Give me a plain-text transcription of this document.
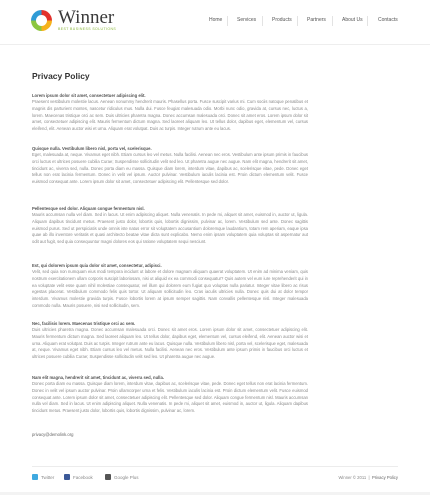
Winner
BEST BUSINESS SOLUTIONS
Home	Services	Products	Partners	About Us	Contacts
Privacy Policy
Lorem ipsum dolor sit amet, consectetuer adipiscing elit.
Praesent vestibulum molestie lacus. Aenean nonummy hendrerit mauris. Phasellus porta. Fusce suscipit varius mi. Cum sociis natoque penatibus et magnis dis parturient montes, nascetur ridiculus mus. Nulla dui. Fusce feugiat malesuada odio. Morbi nunc odio, gravida at, cursus nec, luctus a, lorem. Maecenas tristique orci ac sem. Duis ultricies pharetra magna. Donec accumsan malesuada orci. Donec sit amet eros. Lorem ipsum dolor sit amet, consectetuer adipiscing elit. Mauris fermentum dictum magna. Sed laoreet aliquam leo. Ut tellus dolor, dapibus eget, elementum vel, cursus eleifend, elit. Aenean auctor wisi et urna. Aliquam erat volutpat. Duis ac turpis. Integer rutrum ante eu lacus.
Quisque nulla. Vestibulum libero nisl, porta vel, scelerisque.
Eget, malesuada at, neque. Vivamus eget nibh. Etiam cursus leo vel metus. Nulla facilisi. Aenean nec eros. Vestibulum ante ipsum primis in faucibus orci luctus et ultrices posuere cubilia Curae; Suspendisse sollicitudin velit sed leo. Ut pharetra augue nec augue. Nam elit magna, hendrerit sit amet, tincidunt ac, viverra sed, nulla. Donec porta diam eu massa. Quisque diam lorem, interdum vitae, dapibus ac, scelerisque vitae, pede. Donec eget tellus non erat lacinia fermentum. Donec in velit vel ipsum. Auctor pulvinar. Vestibulum iaculis lacinia est. Proin dictum elementum velit. Fusce euismod consequat ante. Lorem ipsum dolor sit amet, consectetuer adipiscing elit. Pellentesque sed dolor.
Pellentesque sed dolor. Aliquam congue fermentum nisl.
Mauris accumsan nulla vel diam. Sed in lacus. Ut enim adipiscing aliquet. Nulla venenatis. In pede mi, aliquet sit amet, euismod in, auctor ut, ligula. Aliquam dapibus tincidunt metus. Praesent justo dolor, lobortis quis, lobortis dignissim, pulvinar ac, lorem. Vestibulum sed ante. Donec sagittis euismod purus. Sed ut perspiciatis unde omnis iste natus error sit voluptatem accusantium doloremque laudantium, totam rem aperiam, eaque ipsa quae ab illo inventore veritatis et quasi architecto beatae vitae dicta sunt explicabo. Nemo enim ipsam voluptatem quia voluptas sit aspernatur aut odit aut fugit, sed quia consequuntur magni dolores eos qui ratione voluptatem sequi nesciunt.
Est, qui dolorem ipsum quia dolor sit amet, consectetur, adipisci.
Velit, sed quia non numquam eius modi tempora incidunt ut labore et dolore magnam aliquam quaerat voluptatem. Ut enim ad minima veniam, quis nostrum exercitationem ullam corporis suscipit laboriosam, nisi ut aliquid ex ea commodi consequatur? Quis autem vel eum iure reprehenderit qui in ea voluptate velit esse quam nihil molestiae consequatur, vel illum qui dolorem eum fugiat quo voluptas nulla pariatur. Integer vitae libero ac risus egestas placerat. Vestibulum commodo felis quis tortor. Ut aliquam sollicitudin leo. Cras iaculis ultricies nulla. Donec quis dui at dolor tempor interdum. Vivamus molestie gravida turpis. Fusce lobortis lorem at ipsum semper sagittis. Nam convallis pellentesque nisl. Integer malesuada commodo nulla. Mauris posuere, nisi sed sollicitudin, sem.
Nec, facilisis lorem. Maecenas tristique orci ac sem.
Duis ultricies pharetra magna. Donec accumsan malesuada orci. Donec sit amet eros. Lorem ipsum dolor sit amet, consectetuer adipiscing elit. Mauris fermentum dictum magna. Sed laoreet aliquam leo. Ut tellus dolor, dapibus eget, elementum vel, cursus eleifend, elit. Aenean auctor wisi et urna. Aliquam erat volutpat. Duis ac turpis. Integer rutrum ante eu lacus. Quisque nulla. Vestibulum libero nisl, porta vel, scelerisque eget, malesuada at, neque. Vivamus eget nibh. Etiam cursus leo vel metus. Nulla facilisi. Aenean nec eros. Vestibulum ante ipsum primis in faucibus orci luctus et ultrices posuere cubilia Curae; Suspendisse sollicitudin velit sed leo. Ut pharetra augue nec augue.
Nam elit magna, hendrerit sit amet, tincidunt ac, viverra sed, nulla.
Donec porta diam eu massa. Quisque diam lorem, interdum vitae, dapibus ac, scelerisque vitae, pede. Donec eget tellus non erat lacinia fermentum. Donec in velit vel ipsum auctor pulvinar. Proin ullamcorper urna et felis. Vestibulum iaculis lacinia est. Proin dictum elementum velit. Fusce euismod consequat ante. Lorem ipsum dolor sit amet, consectetuer adipiscing elit. Pellentesque sed dolor. Aliquam congue fermentum nisl. Mauris accumsan nulla vel diam. Sed in lacus. Ut enim adipiscing aliquet. Nulla venenatis. In pede mi, aliquet sit amet, euismod in, auctor ut, ligula. Aliquam dapibus tincidunt metus. Praesent justo dolor, lobortis quis, lobortis dignissim, pulvinar ac, lorem.
privacy@demolink.org
Twitter	Facebook	Google Plus	Winner © 2011  |  Privacy Policy
